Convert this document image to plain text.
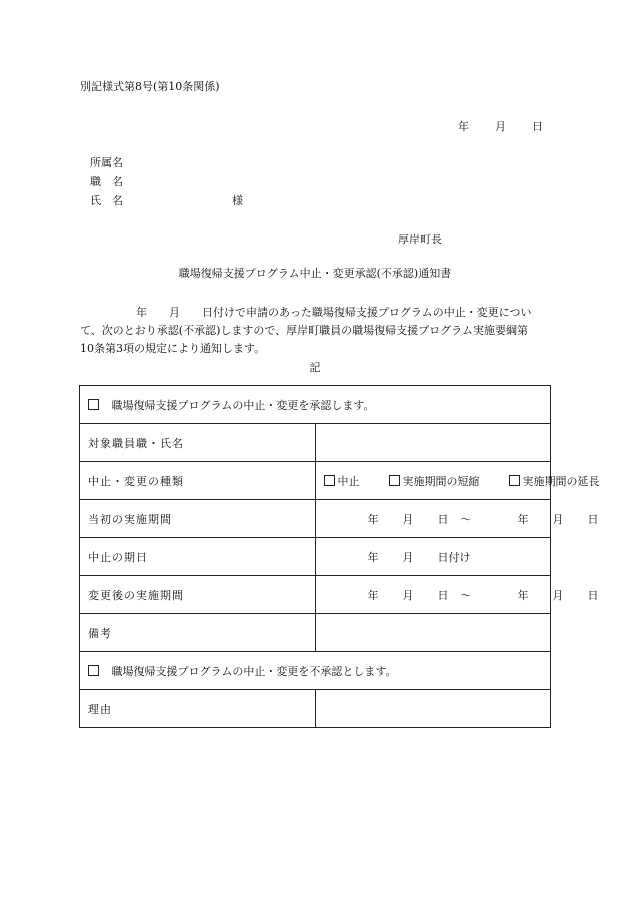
別記様式第8号(第10条関係)
年 月 日
所属名
職　名
氏　名	様
厚岸町長
職場復帰支援プログラム中止・変更承認(不承認)通知書

年　　月　　日付けで申請のあった職場復帰支援プログラムの中止・変更につい

て、次のとおり承認(不承認)しますので、厚岸町職員の職場復帰支援プログラム実施要綱第

10条第3項の規定により通知します。

記
職場復帰支援プログラムの中止・変更を承認します。	
対象職員職・氏名	
中止・変更の種類	中止 実施期間の短縮 実施期間の延長
当初の実施期間	年 月 日 ～ 年 月 日
中止の期日	年 月 日付け
変更後の実施期間	年 月 日 ～ 年 月 日
備考	
職場復帰支援プログラムの中止・変更を不承認とします。	
理由	
